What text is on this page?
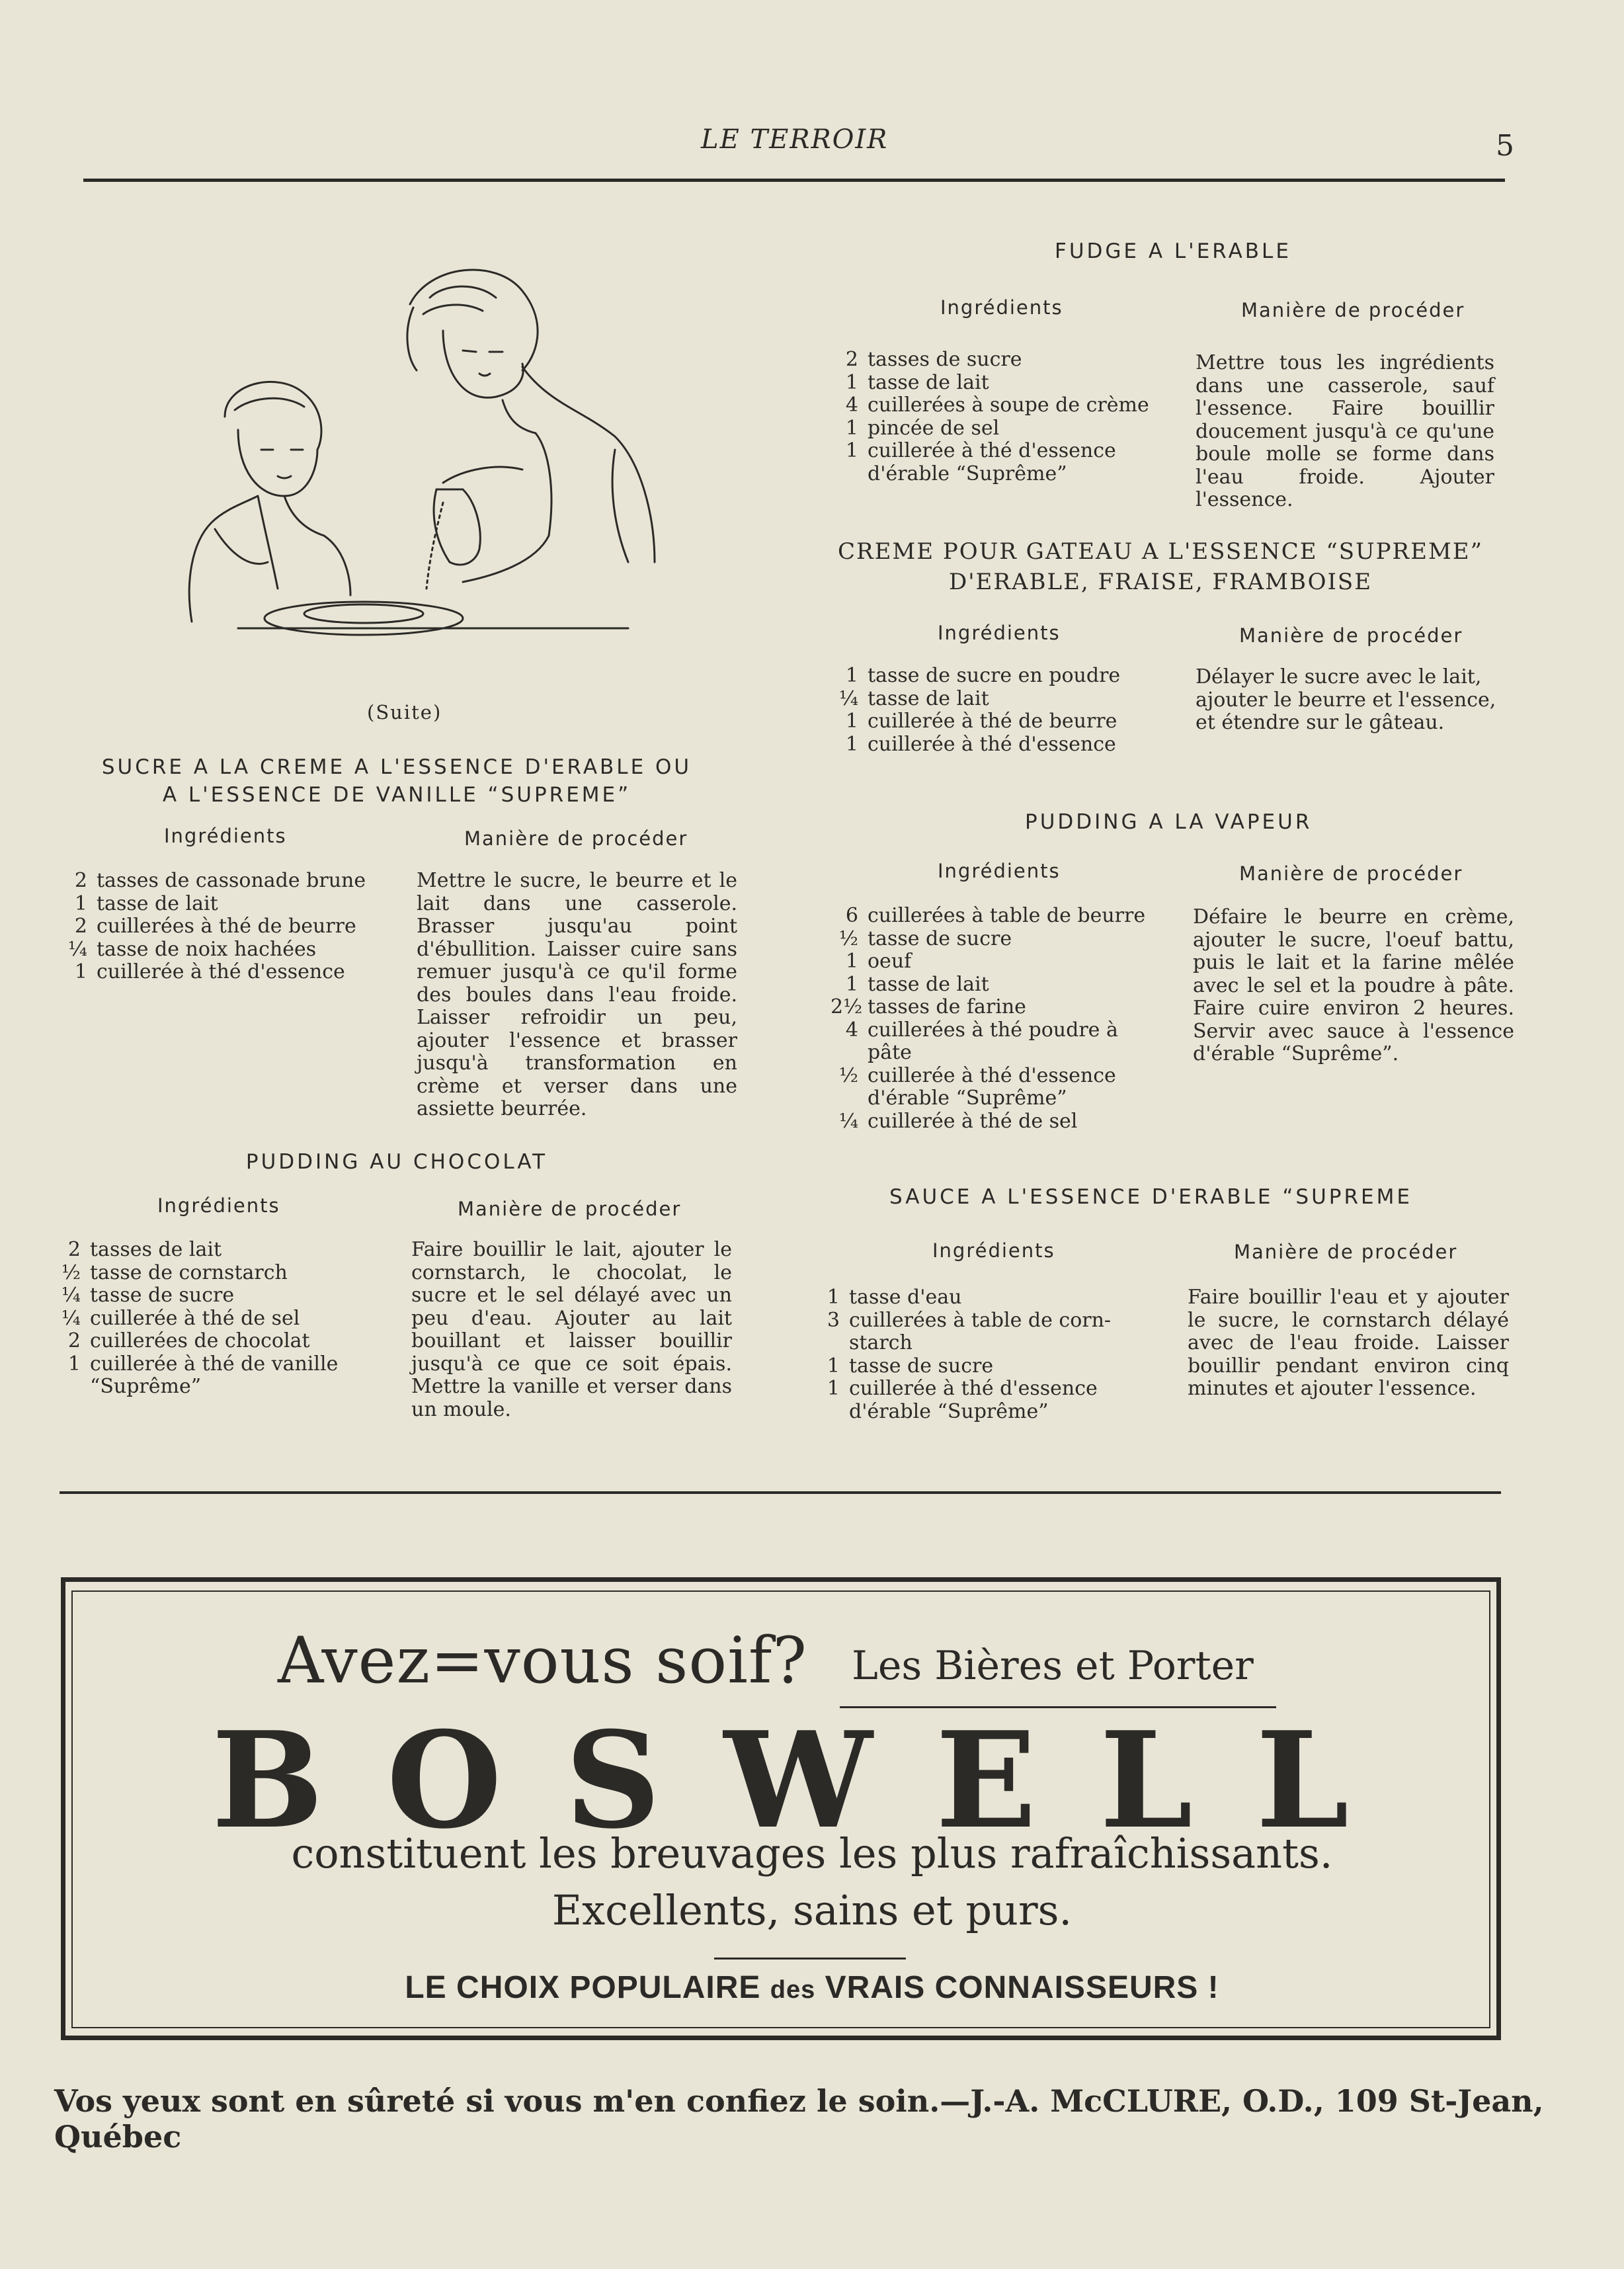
LE TERROIR	5
(Suite)
SUCRE A LA CREME A L'ESSENCE D'ERABLE OU
A L'ESSENCE DE VANILLE “SUPREME”
Ingrédients	Manière de procéder
2 tasses de cassonade brune
1 tasse de lait
2 cuillerées à thé de beurre
¼ tasse de noix hachées
1 cuillerée à thé d'essence
Mettre le sucre, le beurre et le lait dans une casserole. Brasser jusqu'au point d'ébullition. Laisser cuire sans remuer jusqu'à ce qu'il forme des boules dans l'eau froide. Laisser refroidir un peu, ajouter l'essence et brasser jusqu'à transformation en crème et verser dans une assiette beurrée.
PUDDING AU CHOCOLAT
Ingrédients	Manière de procéder
2 tasses de lait
½ tasse de cornstarch
¼ tasse de sucre
¼ cuillerée à thé de sel
2 cuillerées de chocolat
1 cuillerée à thé de vanille
“Suprême”
Faire bouillir le lait, ajouter le cornstarch, le chocolat, le sucre et le sel délayé avec un peu d'eau. Ajouter au lait bouillant et laisser bouillir jusqu'à ce que ce soit épais. Mettre la vanille et verser dans un moule.
FUDGE A L'ERABLE
Ingrédients	Manière de procéder
2 tasses de sucre
1 tasse de lait
4 cuillerées à soupe de crème
1 pincée de sel
1 cuillerée à thé d'essence
d'érable “Suprême”
Mettre tous les ingrédients dans une casserole, sauf l'essence. Faire bouillir doucement jusqu'à ce qu'une boule molle se forme dans l'eau froide. Ajouter l'essence.
CREME POUR GATEAU A L'ESSENCE “SUPREME”
D'ERABLE, FRAISE, FRAMBOISE
Ingrédients	Manière de procéder
1 tasse de sucre en poudre
¼ tasse de lait
1 cuillerée à thé de beurre
1 cuillerée à thé d'essence
Délayer le sucre avec le lait, ajouter le beurre et l'essence, et étendre sur le gâteau.
PUDDING A LA VAPEUR
Ingrédients	Manière de procéder
6 cuillerées à table de beurre
½ tasse de sucre
1 oeuf
1 tasse de lait
2½ tasses de farine
4 cuillerées à thé poudre à
pâte
½ cuillerée à thé d'essence
d'érable “Suprême”
¼ cuillerée à thé de sel
Défaire le beurre en crème, ajouter le sucre, l'oeuf battu, puis le lait et la farine mêlée avec le sel et la poudre à pâte. Faire cuire environ 2 heures. Servir avec sauce à l'essence d'érable “Suprême”.
SAUCE A L'ESSENCE D'ERABLE “SUPREME
Ingrédients	Manière de procéder
1 tasse d'eau
3 cuillerées à table de corn-
starch
1 tasse de sucre
1 cuillerée à thé d'essence
d'érable “Suprême”
Faire bouillir l'eau et y ajouter le sucre, le cornstarch délayé avec de l'eau froide. Laisser bouillir pendant environ cinq minutes et ajouter l'essence.
Avez=vous soif? Les Bières et Porter
B O S W E L L
constituent les breuvages les plus rafraîchissants.
Excellents, sains et purs.
LE CHOIX POPULAIRE des VRAIS CONNAISSEURS !
Vos yeux sont en sûreté si vous m'en confiez le soin.—J.-A. McCLURE, O.D., 109 St-Jean, Québec
